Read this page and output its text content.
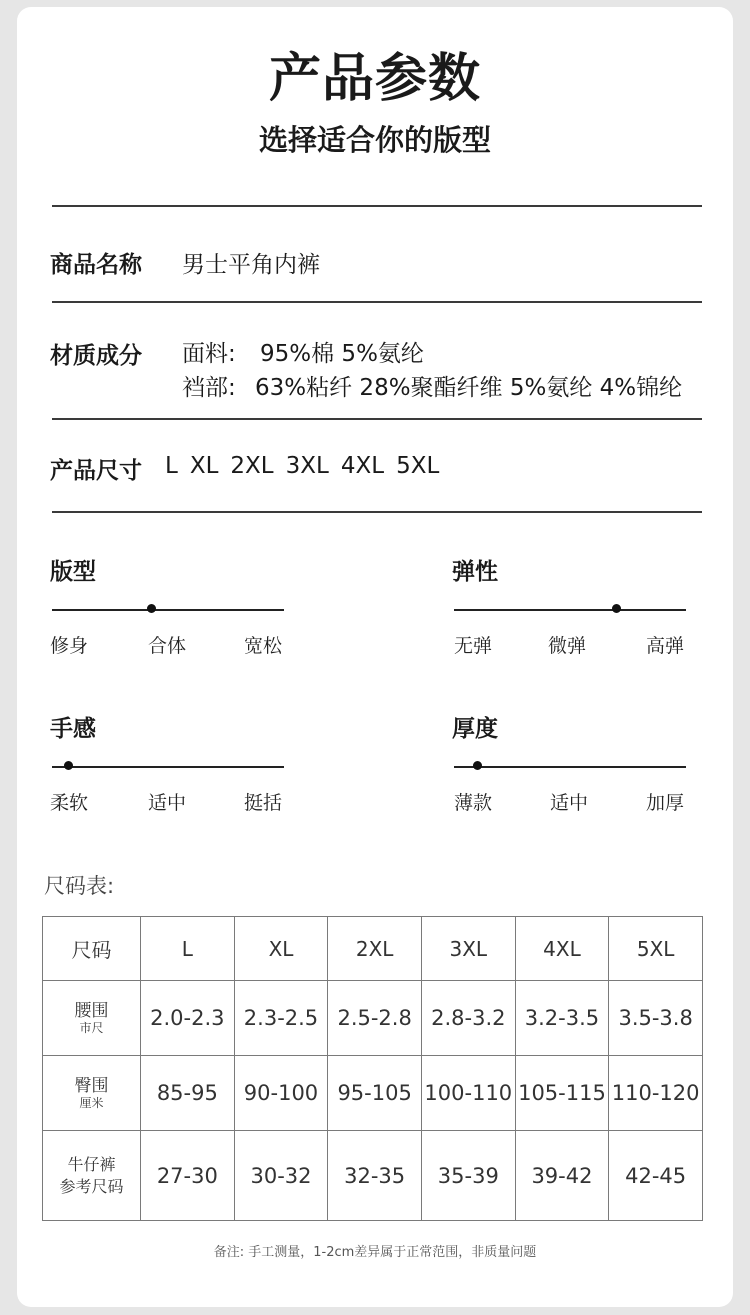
产品参数
选择适合你的版型
商品名称 男士平角内裤
材质成分 面料: 95%棉 5%氨纶
裆部: 63%粘纤 28%聚酯纤维 5%氨纶 4%锦纶
产品尺寸 L XL 2XL 3XL 4XL 5XL
版型
修身	合体	宽松
弹性
无弹	微弹	高弹
手感
柔软	适中	挺括
厚度
薄款	适中	加厚
尺码表:
尺码	L	XL	2XL	3XL	4XL	5XL

腰围
市尺	2.0-2.3	2.3-2.5	2.5-2.8	2.8-3.2	3.2-3.5	3.5-3.8

臀围
厘米	85-95	90-100	95-105	100-110	105-115	110-120

牛仔裤
参考尺码	27-30	30-32	32-35	35-39	39-42	42-45
备注: 手工测量，1-2cm差异属于正常范围，非质量问题
